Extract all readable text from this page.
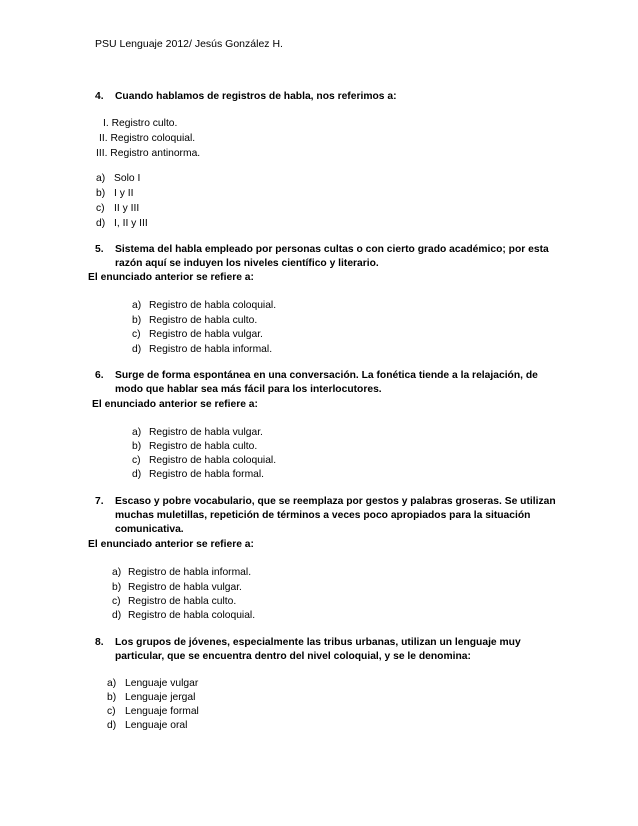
PSU Lenguaje 2012/ Jesús González H.
4. Cuando hablamos de registros de habla, nos referimos a:
I. Registro culto.
II. Registro coloquial.
III. Registro antinorma.
a) Solo I
b) I y II
c) II y III
d) I, II y III
5. Sistema del habla empleado por personas cultas o con cierto grado académico; por esta
razón aquí se induyen los niveles científico y literario.
El enunciado anterior se refiere a:
a) Registro de habla coloquial.
b) Registro de habla culto.
c) Registro de habla vulgar.
d) Registro de habla informal.
6. Surge de forma espontánea en una conversación. La fonética tiende a la relajación, de
modo que hablar sea más fácil para los interlocutores.
El enunciado anterior se refiere a:
a) Registro de habla vulgar.
b) Registro de habla culto.
c) Registro de habla coloquial.
d) Registro de habla formal.
7. Escaso y pobre vocabulario, que se reemplaza por gestos y palabras groseras. Se utilizan
muchas muletillas, repetición de términos a veces poco apropiados para la situación
comunicativa.
El enunciado anterior se refiere a:
a) Registro de habla informal.
b) Registro de habla vulgar.
c) Registro de habla culto.
d) Registro de habla coloquial.
8. Los grupos de jóvenes, especialmente las tribus urbanas, utilizan un lenguaje muy
particular, que se encuentra dentro del nivel coloquial, y se le denomina:
a) Lenguaje vulgar
b) Lenguaje jergal
c) Lenguaje formal
d) Lenguaje oral
